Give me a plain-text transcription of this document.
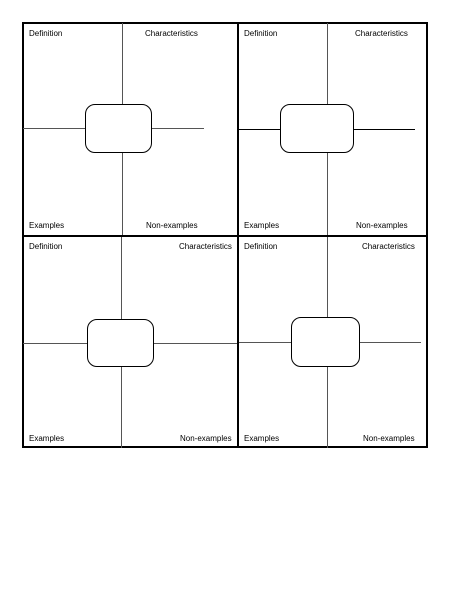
Definition	Characteristics
Examples	Non-examples
Definition	Characteristics
Examples	Non-examples
Definition	Characteristics
Examples	Non-examples
Definition	Characteristics
Examples	Non-examples
